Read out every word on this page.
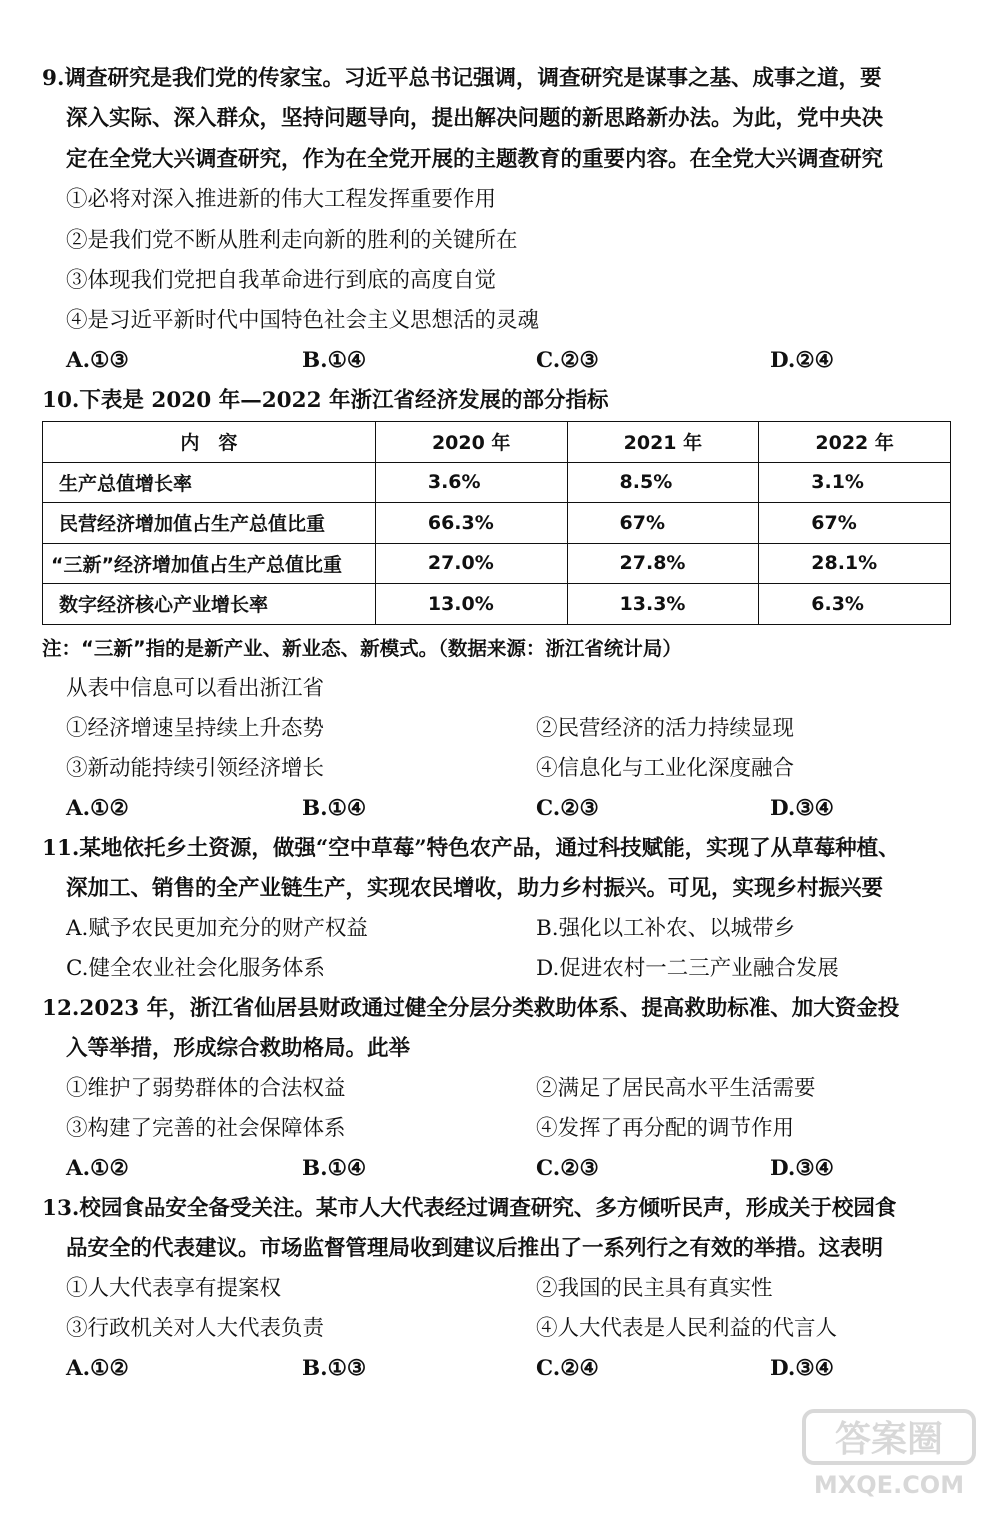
9.调查研究是我们党的传家宝。习近平总书记强调，调查研究是谋事之基、成事之道，要
深入实际、深入群众，坚持问题导向，提出解决问题的新思路新办法。为此，党中央决
定在全党大兴调查研究，作为在全党开展的主题教育的重要内容。在全党大兴调查研究
①必将对深入推进新的伟大工程发挥重要作用
②是我们党不断从胜利走向新的胜利的关键所在
③体现我们党把自我革命进行到底的高度自觉
④是习近平新时代中国特色社会主义思想活的灵魂
A.①③	B.①④	C.②③	D.②④
10.下表是 2020 年—2022 年浙江省经济发展的部分指标
内　容	2020 年	2021 年	2022 年
生产总值增长率	3.6%	8.5%	3.1%
民营经济增加值占生产总值比重	66.3%	67%	67%
“三新”经济增加值占生产总值比重	27.0%	27.8%	28.1%
数字经济核心产业增长率	13.0%	13.3%	6.3%
注：“三新”指的是新产业、新业态、新模式。（数据来源：浙江省统计局）
从表中信息可以看出浙江省
①经济增速呈持续上升态势	②民营经济的活力持续显现
③新动能持续引领经济增长	④信息化与工业化深度融合
A.①②	B.①④	C.②③	D.③④
11.某地依托乡土资源，做强“空中草莓”特色农产品，通过科技赋能，实现了从草莓种植、
深加工、销售的全产业链生产，实现农民增收，助力乡村振兴。可见，实现乡村振兴要
A.赋予农民更加充分的财产权益	B.强化以工补农、以城带乡
C.健全农业社会化服务体系	D.促进农村一二三产业融合发展
12.2023 年，浙江省仙居县财政通过健全分层分类救助体系、提高救助标准、加大资金投
入等举措，形成综合救助格局。此举
①维护了弱势群体的合法权益	②满足了居民高水平生活需要
③构建了完善的社会保障体系	④发挥了再分配的调节作用
A.①②	B.①④	C.②③	D.③④
13.校园食品安全备受关注。某市人大代表经过调查研究、多方倾听民声，形成关于校园食
品安全的代表建议。市场监督管理局收到建议后推出了一系列行之有效的举措。这表明
①人大代表享有提案权	②我国的民主具有真实性
③行政机关对人大代表负责	④人大代表是人民利益的代言人
A.①②	B.①③	C.②④	D.③④
答案圈
MXQE.COM
